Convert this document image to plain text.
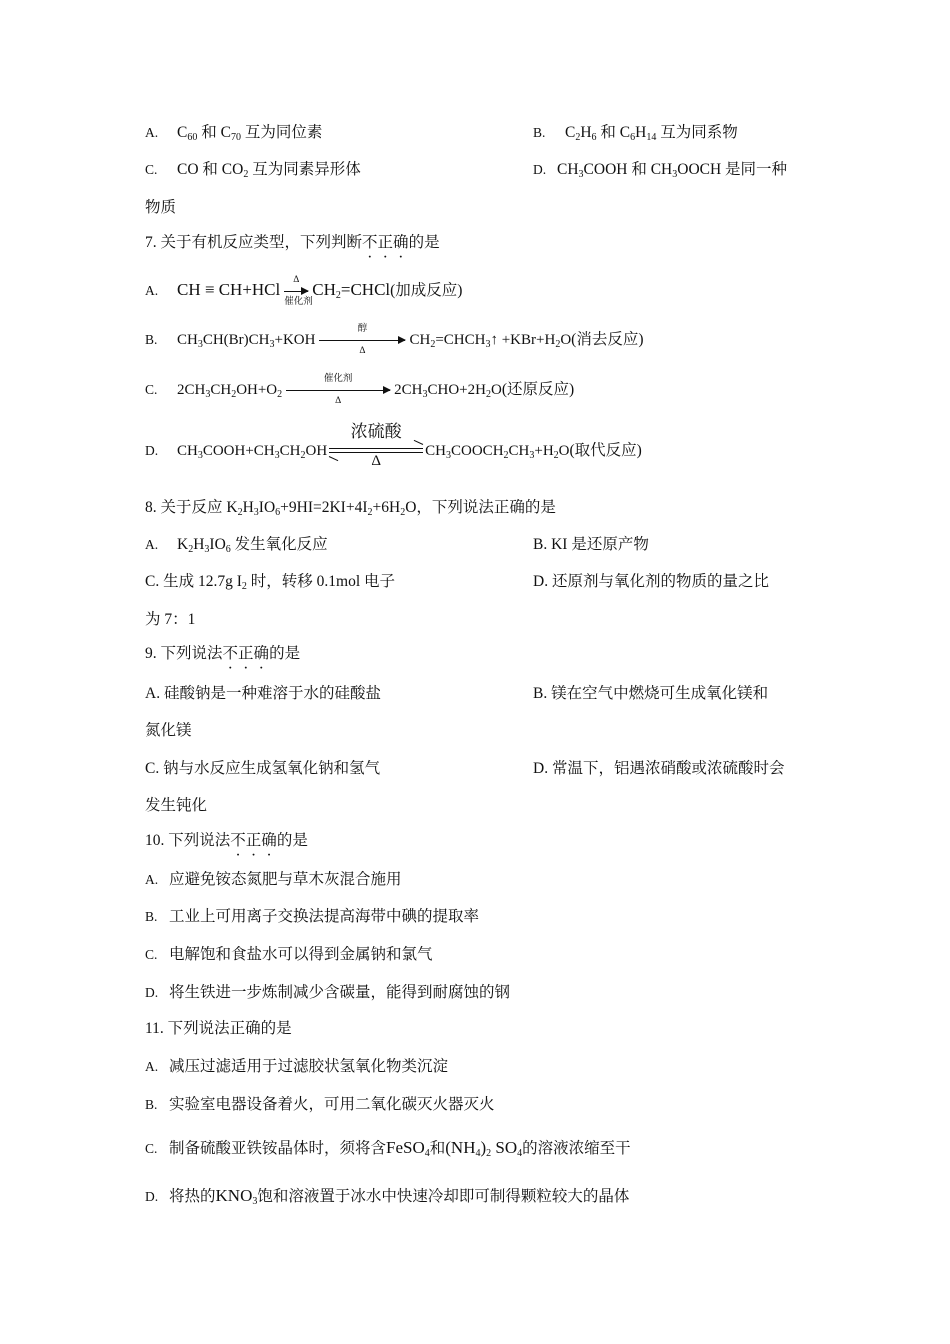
A. $C_{60}$ 和 $C_{70}$ 互为同位素	B. $C_2H_6$ 和 $C_6H_{14}$ 互为同系物
C. CO 和 $CO_2$ 互为同素异形体	D. $CH_3COOH$ 和 $CH_3OOCH$ 是同一种
物质
7. 关于有机反应类型，下列判断不正确的是
A. CH ≡ CH+HCl
Δ
催化剂
$CH_2=CHCl$(加成反应)
B. $CH_3CH(Br)CH_3+KOH$
醇
Δ
$CH_2=CHCH_3↑ +KBr+H_2O$(消去反应)
C. $2CH_3CH_2OH+O_2$
催化剂
Δ
$2CH_3CHO+2H_2O$(还原反应)
D. $CH_3COOH+CH_3CH_2OH$
浓硫酸
Δ
$CH_3COOCH_2CH_3+H_2O$(取代反应)
8. 关于反应 $K_2H_3IO_6+9HI=2KI+4I_2+6H_2O$，下列说法正确的是
A. $K_2H_3IO_6$ 发生氧化反应	B. KI 是还原产物
C. 生成 12.7g $I_2$ 时，转移 0.1mol 电子	D. 还原剂与氧化剂的物质的量之比
为 7：1
9. 下列说法不正确的是
A. 硅酸钠是一种难溶于水的硅酸盐	B. 镁在空气中燃烧可生成氧化镁和
氮化镁
C. 钠与水反应生成氢氧化钠和氢气	D. 常温下，铝遇浓硝酸或浓硫酸时会
发生钝化
10. 下列说法不正确的是
A. 应避免铵态氮肥与草木灰混合施用
B. 工业上可用离子交换法提高海带中碘的提取率
C. 电解饱和食盐水可以得到金属钠和氯气
D. 将生铁进一步炼制减少含碳量，能得到耐腐蚀的钢
11. 下列说法正确的是
A. 减压过滤适用于过滤胶状氢氧化物类沉淀
B. 实验室电器设备着火，可用二氧化碳灭火器灭火
C. 制备硫酸亚铁铵晶体时，须将含FeSO$_4$和$(NH_4)_2$ $SO_4$的溶液浓缩至干
D. 将热的$KNO_3$饱和溶液置于冰水中快速冷却即可制得颗粒较大的晶体
